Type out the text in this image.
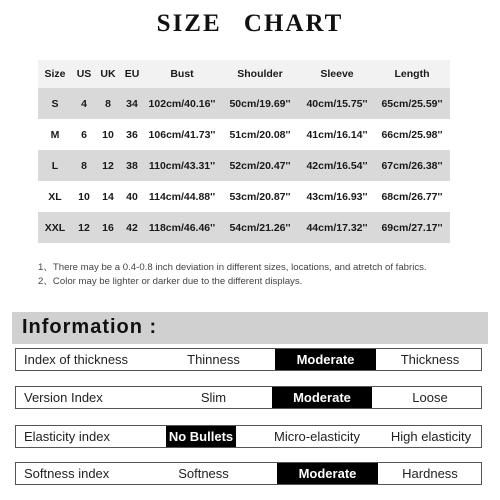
SIZE CHART
Size	US	UK	EU	Bust	Shoulder	Sleeve	Length
S	4	8	34	102cm/40.16''	50cm/19.69''	40cm/15.75''	65cm/25.59''
M	6	10	36	106cm/41.73''	51cm/20.08''	41cm/16.14''	66cm/25.98''
L	8	12	38	110cm/43.31''	52cm/20.47''	42cm/16.54''	67cm/26.38''
XL	10	14	40	114cm/44.88''	53cm/20.87''	43cm/16.93''	68cm/26.77''
XXL	12	16	42	118cm/46.46''	54cm/21.26''	44cm/17.32''	69cm/27.17''
1、There may be a 0.4-0.8 inch deviation in different sizes, locations, and atretch of fabrics.
2、Color may be lighter or darker due to the different displays.
Information :
Index of thickness	Thinness	Moderate	Thickness
Version Index	Slim	Moderate	Loose
Elasticity index	No Bullets	Micro-elasticity	High elasticity
Softness index	Softness	Moderate	Hardness
